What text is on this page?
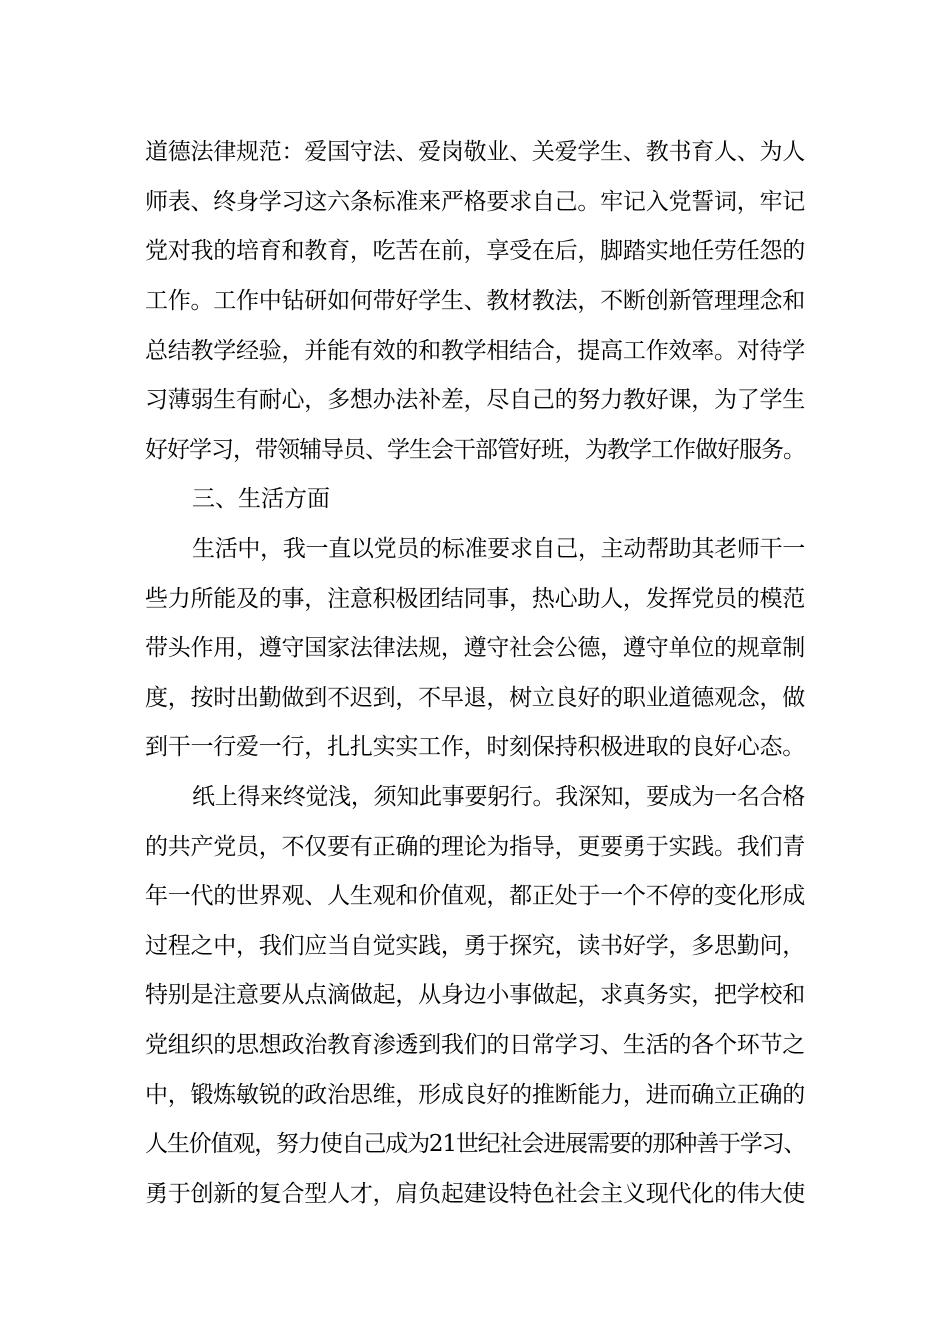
道德法律规范：爱国守法、爱岗敬业、关爱学生、教书育人、为人
师表、终身学习这六条标准来严格要求自己。牢记入党誓词，牢记
党对我的培育和教育，吃苦在前，享受在后，脚踏实地任劳任怨的
工作。工作中钻研如何带好学生、教材教法，不断创新管理理念和
总结教学经验，并能有效的和教学相结合，提高工作效率。对待学
习薄弱生有耐心，多想办法补差，尽自己的努力教好课，为了学生
好好学习，带领辅导员、学生会干部管好班，为教学工作做好服务。
三、生活方面
生活中，我一直以党员的标准要求自己，主动帮助其老师干一
些力所能及的事，注意积极团结同事，热心助人，发挥党员的模范
带头作用，遵守国家法律法规，遵守社会公德，遵守单位的规章制
度，按时出勤做到不迟到，不早退，树立良好的职业道德观念，做
到干一行爱一行，扎扎实实工作，时刻保持积极进取的良好心态。
纸上得来终觉浅，须知此事要躬行。我深知，要成为一名合格
的共产党员，不仅要有正确的理论为指导，更要勇于实践。我们青
年一代的世界观、人生观和价值观，都正处于一个不停的变化形成
过程之中，我们应当自觉实践，勇于探究，读书好学，多思勤问，
特别是注意要从点滴做起，从身边小事做起，求真务实，把学校和
党组织的思想政治教育渗透到我们的日常学习、生活的各个环节之
中，锻炼敏锐的政治思维，形成良好的推断能力，进而确立正确的
人生价值观，努力使自己成为21世纪社会进展需要的那种善于学习、
勇于创新的复合型人才，肩负起建设特色社会主义现代化的伟大使
